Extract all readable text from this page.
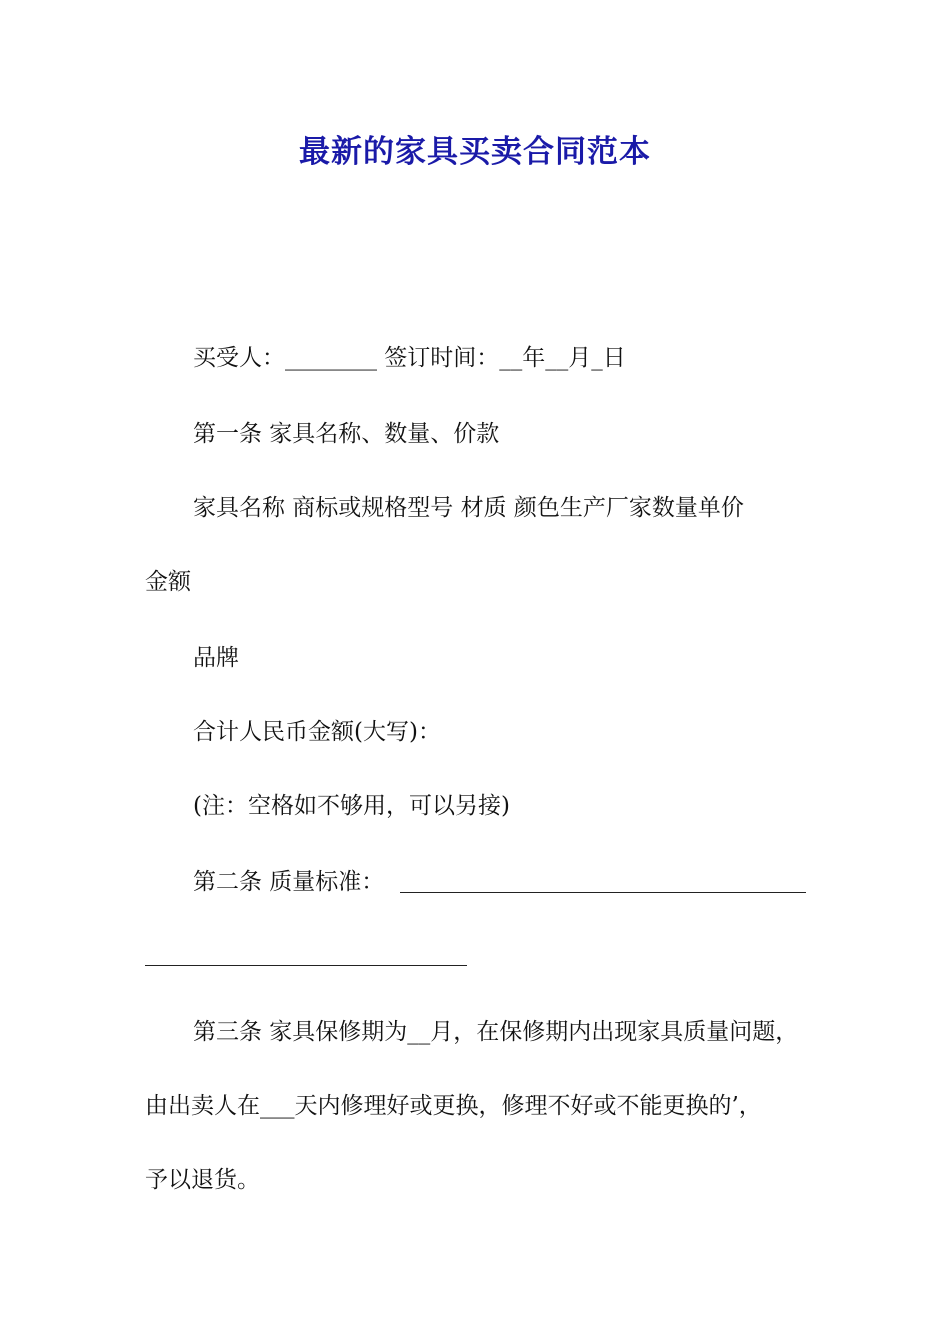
最新的家具买卖合同范本
买受人：________ 签订时间：__年__月_日
第一条 家具名称、数量、价款
家具名称 商标或规格型号 材质 颜色生产厂家数量单价
金额
品牌
合计人民币金额(大写)：
(注：空格如不够用，可以另接)
第二条 质量标准：
第三条 家具保修期为__月，在保修期内出现家具质量问题，
由出卖人在___天内修理好或更换，修理不好或不能更换的’，
予以退货。
